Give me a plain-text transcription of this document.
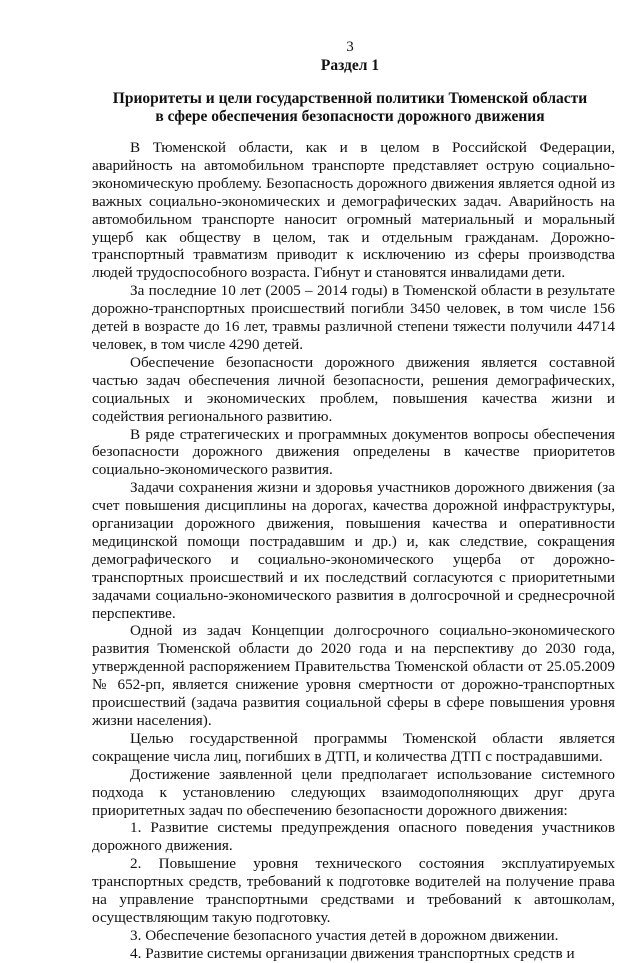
3
Раздел 1
Приоритеты и цели государственной политики Тюменской области
в сфере обеспечения безопасности дорожного движения

В Тюменской области, как и в целом в Российской Федерации, аварийность на автомобильном транспорте представляет острую социально-экономическую проблему. Безопасность дорожного движения является одной из важных социально-экономических и демографических задач. Аварийность на автомобильном транспорте наносит огромный материальный и моральный ущерб как обществу в целом, так и отдельным гражданам. Дорожно-транспортный травматизм приводит к исключению из сферы производства людей трудоспособного возраста. Гибнут и становятся инвалидами дети.

За последние 10 лет (2005 – 2014 годы) в Тюменской области в результате дорожно-транспортных происшествий погибли 3450 человек, в том числе 156 детей в возрасте до 16 лет, травмы различной степени тяжести получили 44714 человек, в том числе 4290 детей.

Обеспечение безопасности дорожного движения является составной частью задач обеспечения личной безопасности, решения демографических, социальных и экономических проблем, повышения качества жизни и содействия регионального развитию.

В ряде стратегических и программных документов вопросы обеспечения безопасности дорожного движения определены в качестве приоритетов социально-экономического развития.

Задачи сохранения жизни и здоровья участников дорожного движения (за счет повышения дисциплины на дорогах, качества дорожной инфраструктуры, организации дорожного движения, повышения качества и оперативности медицинской помощи пострадавшим и др.) и, как следствие, сокращения демографического и социально-экономического ущерба от дорожно-транспортных происшествий и их последствий согласуются с приоритетными задачами социально-экономического развития в долгосрочной и среднесрочной перспективе.

Одной из задач Концепции долгосрочного социально-экономического развития Тюменской области до 2020 года и на перспективу до 2030 года, утвержденной распоряжением Правительства Тюменской области от 25.05.2009 № 652-рп, является снижение уровня смертности от дорожно-транспортных происшествий (задача развития социальной сферы в сфере повышения уровня жизни населения).

Целью государственной программы Тюменской области является сокращение числа лиц, погибших в ДТП, и количества ДТП с пострадавшими.

Достижение заявленной цели предполагает использование системного подхода к установлению следующих взаимодополняющих друг друга приоритетных задач по обеспечению безопасности дорожного движения:

1. Развитие системы предупреждения опасного поведения участников дорожного движения.

2. Повышение уровня технического состояния эксплуатируемых транспортных средств, требований к подготовке водителей на получение права на управление транспортными средствами и требований к автошколам, осуществляющим такую подготовку.

3. Обеспечение безопасного участия детей в дорожном движении.

4. Развитие системы организации движения транспортных средств и
